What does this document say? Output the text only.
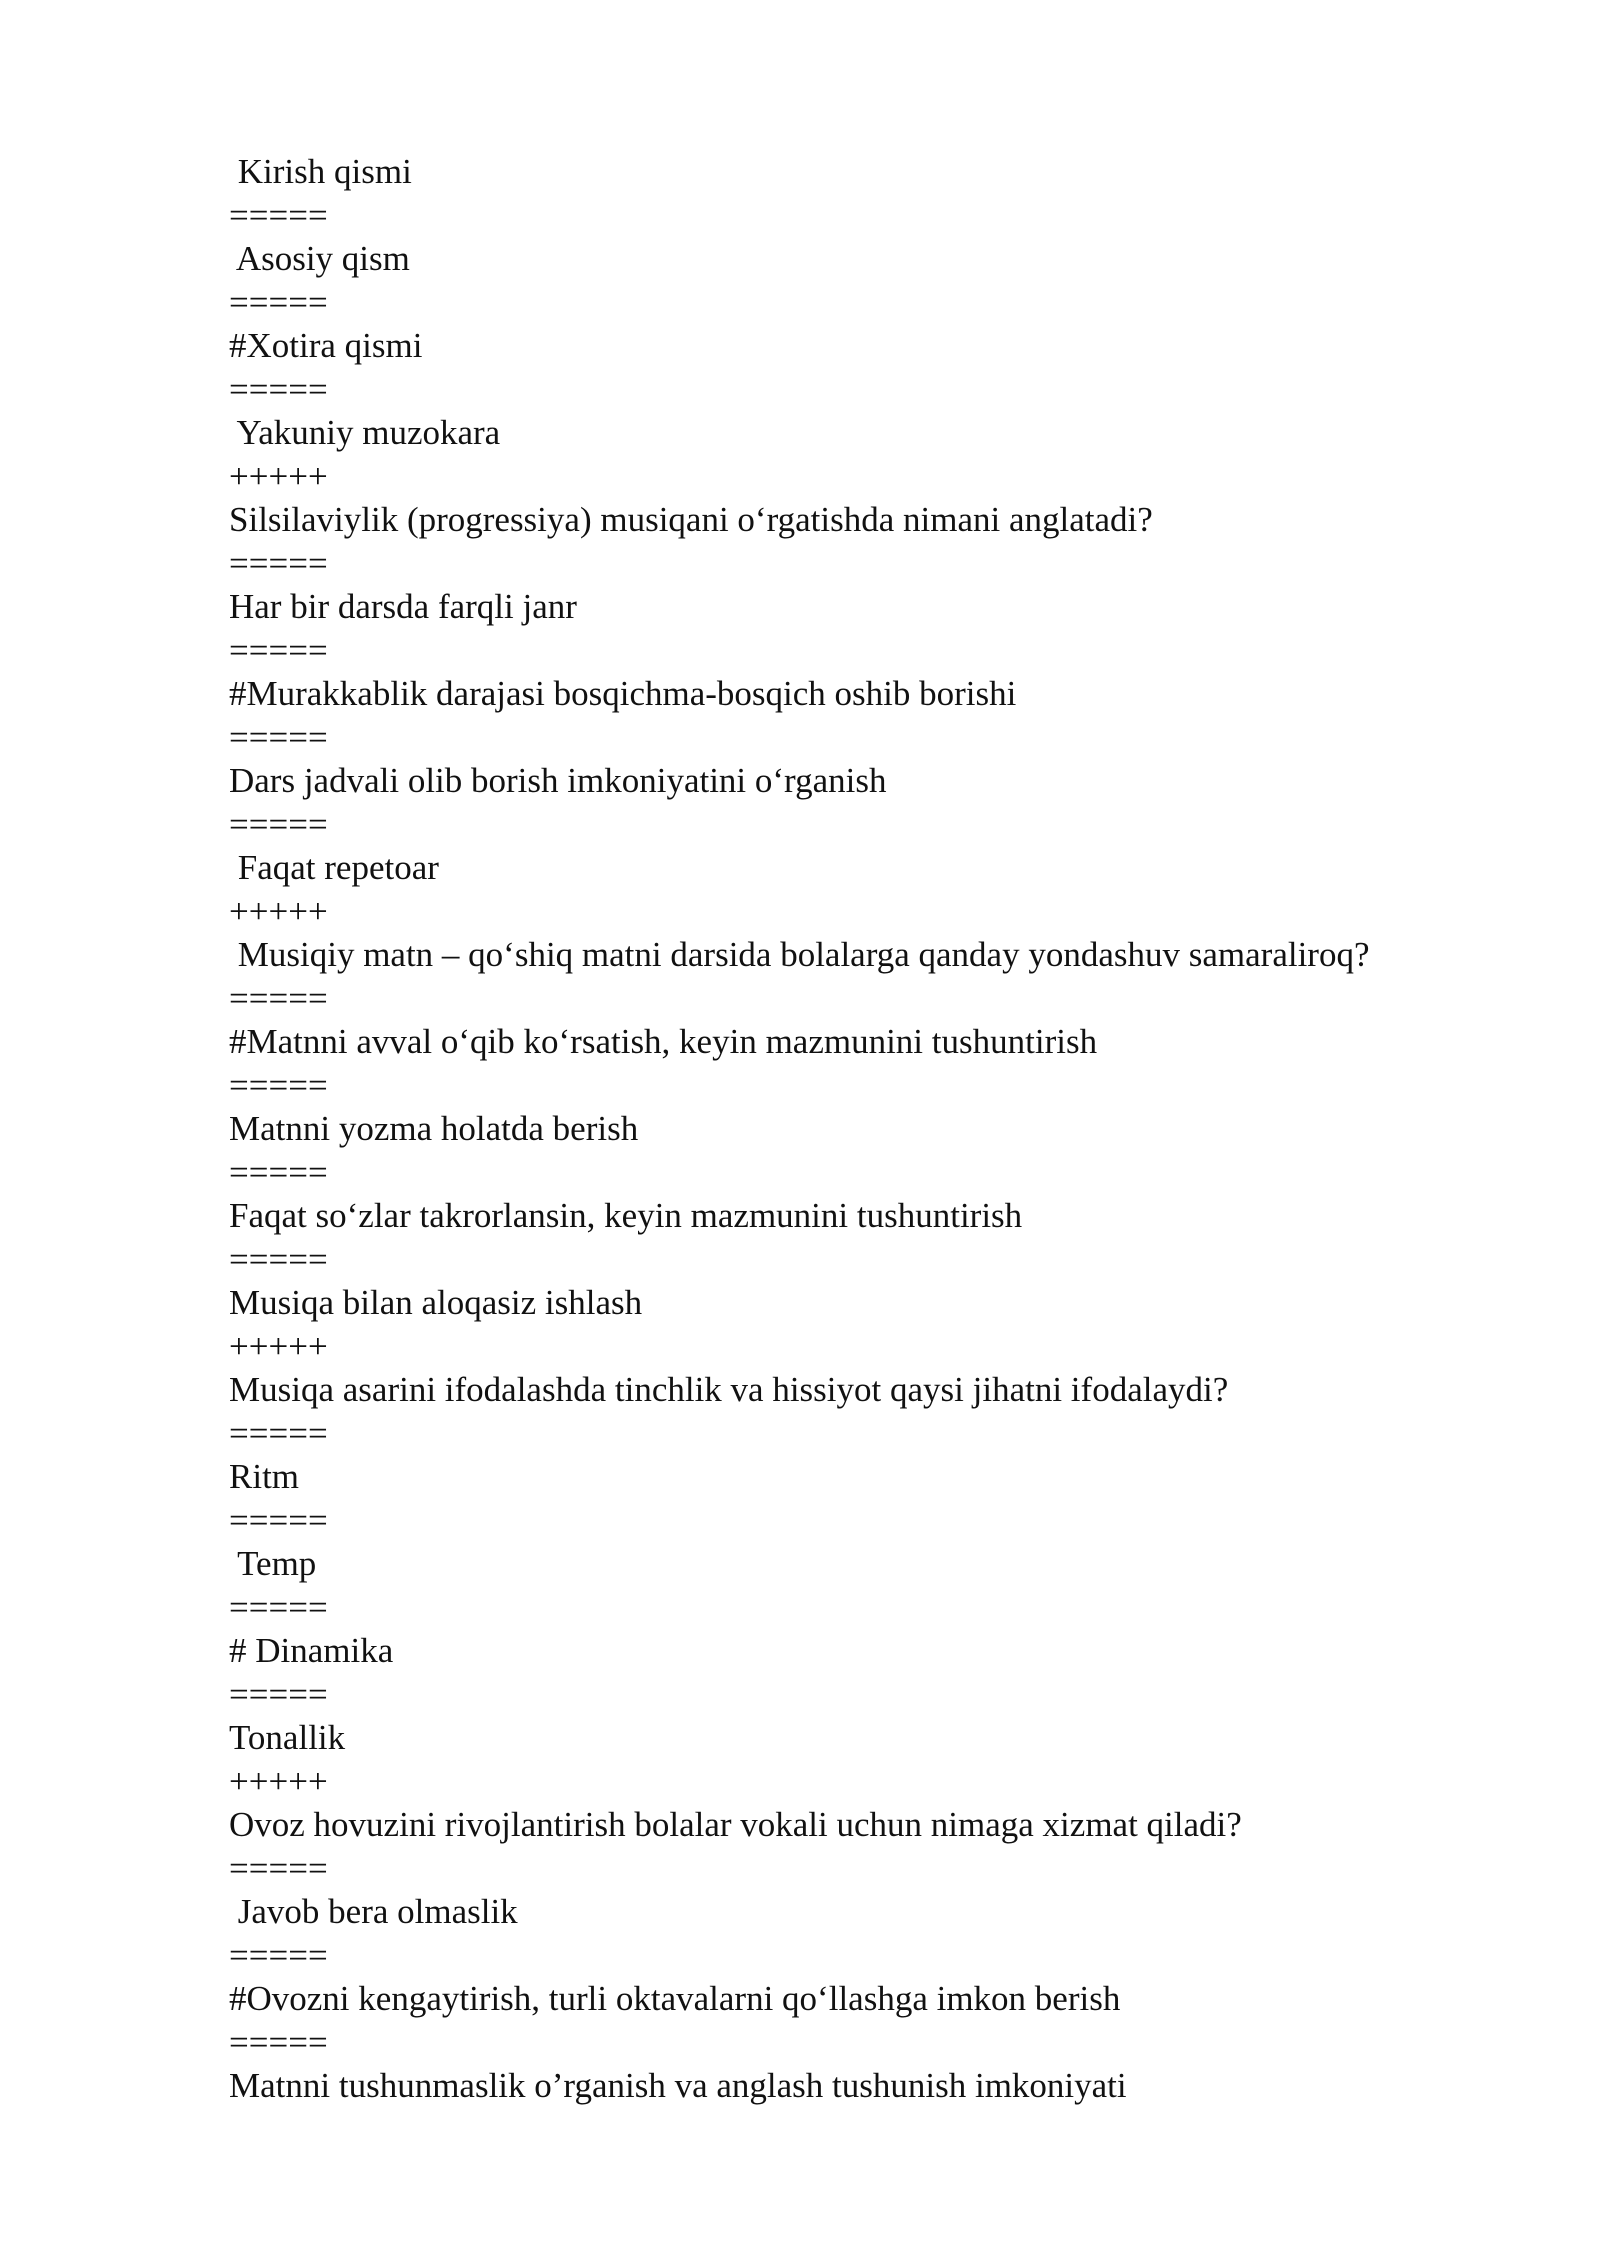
Kirish qismi
=====
Asosiy qism
=====
#Xotira qismi
=====
Yakuniy muzokara
+++++
Silsilaviylik (progressiya) musiqani o‘rgatishda nimani anglatadi?
=====
Har bir darsda farqli janr
=====
#Murakkablik darajasi bosqichma-bosqich oshib borishi
=====
Dars jadvali olib borish imkoniyatini o‘rganish
=====
Faqat repetoar
+++++
Musiqiy matn – qo‘shiq matni darsida bolalarga qanday yondashuv samaraliroq?
=====
#Matnni avval o‘qib ko‘rsatish, keyin mazmunini tushuntirish
=====
Matnni yozma holatda berish
=====
Faqat so‘zlar takrorlansin, keyin mazmunini tushuntirish
=====
Musiqa bilan aloqasiz ishlash
+++++
Musiqa asarini ifodalashda tinchlik va hissiyot qaysi jihatni ifodalaydi?
=====
Ritm
=====
Temp
=====
# Dinamika
=====
Tonallik
+++++
Ovoz hovuzini rivojlantirish bolalar vokali uchun nimaga xizmat qiladi?
=====
Javob bera olmaslik
=====
#Ovozni kengaytirish, turli oktavalarni qo‘llashga imkon berish
=====
Matnni tushunmaslik o’rganish va anglash tushunish imkoniyati
